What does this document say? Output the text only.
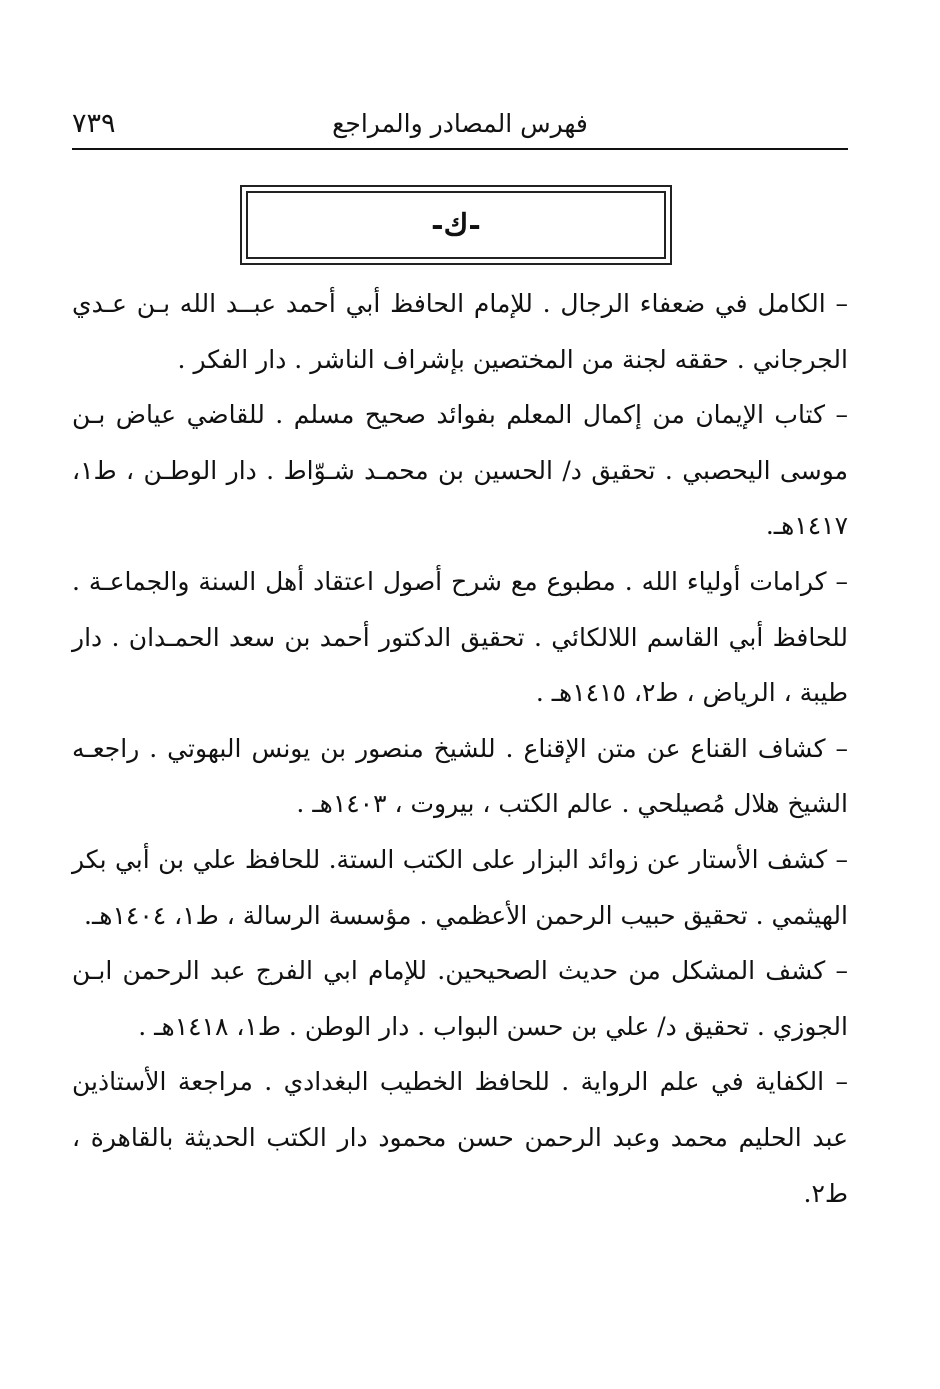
٧٣٩	فهرس المصادر والمراجع
-ك-

– الكامل في ضعفاء الرجال . للإمام الحافظ أبي أحمد عبــد الله بـن عـدي الجرجاني . حققه لجنة من المختصين بإشراف الناشر . دار الفكر .

– كتاب الإيمان من إكمال المعلم بفوائد صحيح مسلم . للقاضي عياض بـن موسى اليحصبي . تحقيق د/ الحسين بن محمـد شـوّاط . دار الوطـن ، ط١، ١٤١٧هـ.

– كرامات أولياء الله . مطبوع مع شرح أصول اعتقاد أهل السنة والجماعـة . للحافظ أبي القاسم اللالكائي . تحقيق الدكتور أحمد بن سعد الحمـدان . دار طيبة ، الرياض ، ط٢، ١٤١٥هـ .

– كشاف القناع عن متن الإقناع . للشيخ منصور بن يونس البهوتي . راجعـه الشيخ هلال مُصيلحي . عالم الكتب ، بيروت ، ١٤٠٣هـ .

– كشف الأستار عن زوائد البزار على الكتب الستة. للحافظ علي بن أبي بكر الهيثمي . تحقيق حبيب الرحمن الأعظمي . مؤسسة الرسالة ، ط١، ١٤٠٤هـ.

– كشف المشكل من حديث الصحيحين. للإمام ابي الفرج عبد الرحمن ابـن الجوزي . تحقيق د/ علي بن حسن البواب . دار الوطن . ط١، ١٤١٨هـ .

– الكفاية في علم الرواية . للحافظ الخطيب البغدادي . مراجعة الأستاذين عبد الحليم محمد وعبد الرحمن حسن محمود دار الكتب الحديثة بالقاهرة ، ط٢.
